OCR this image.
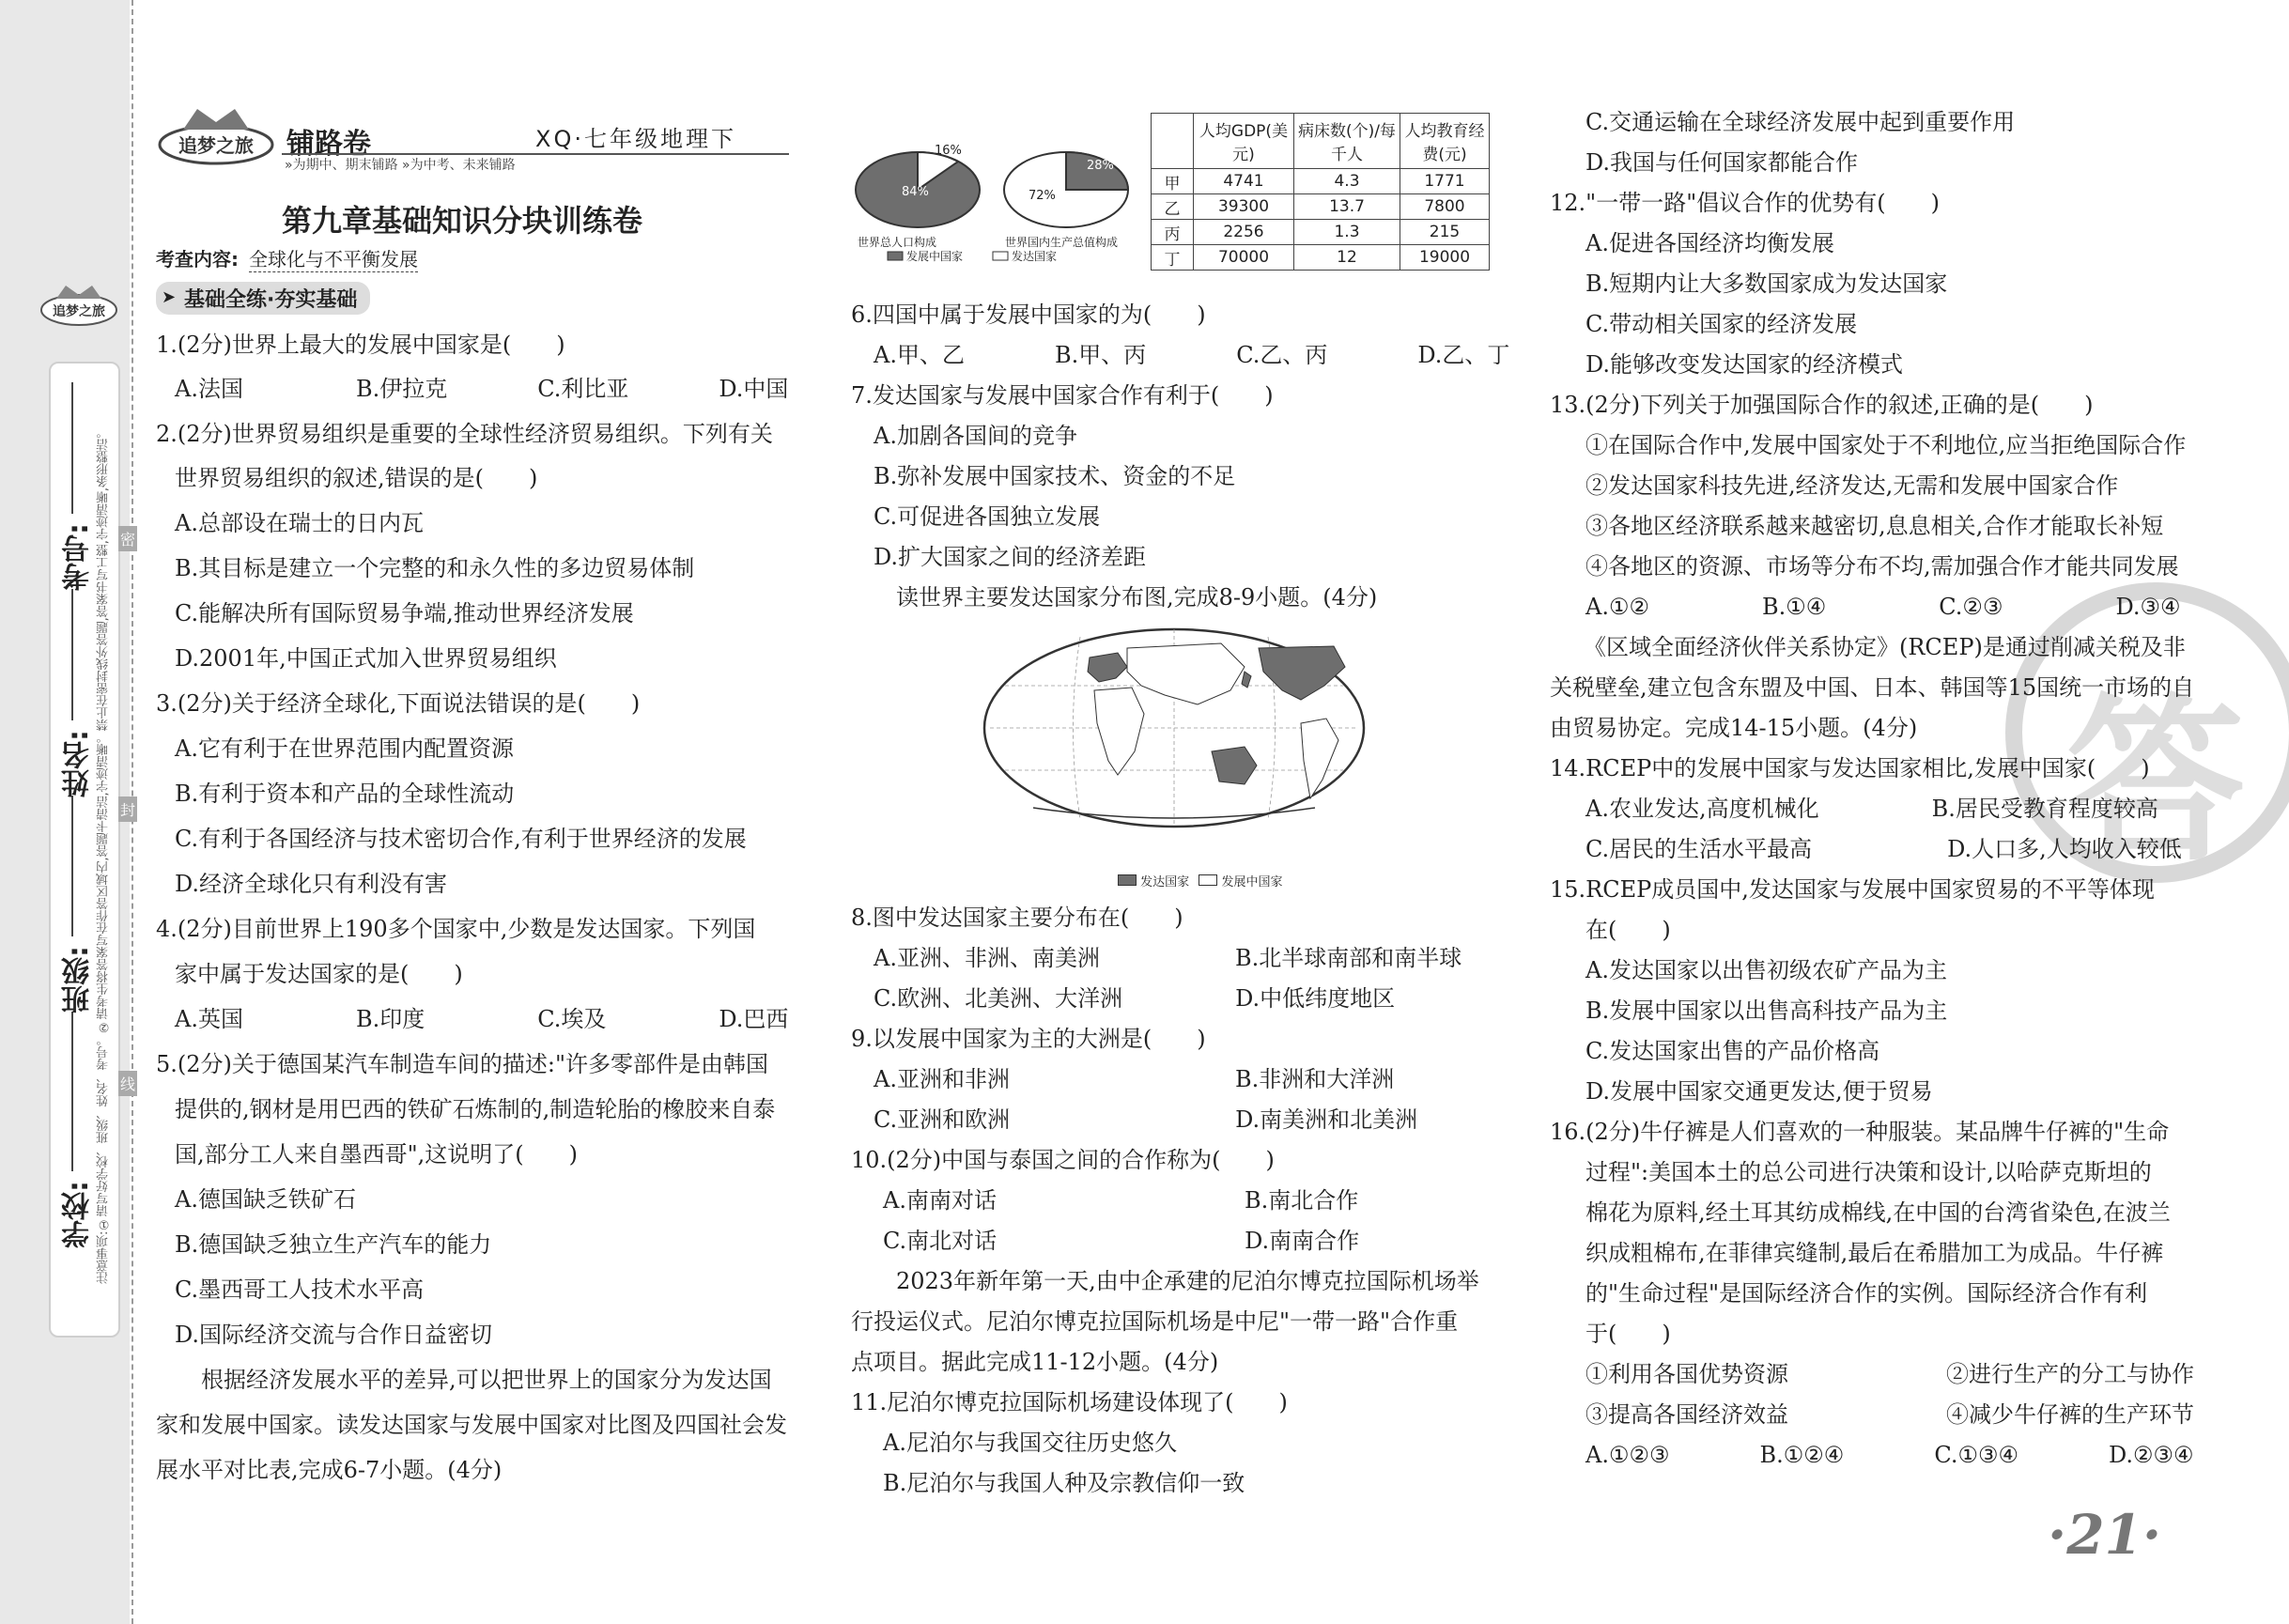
追梦之旅
学校:
班级:
姓名:
考号: 注意事项:①请写好学校、班级、姓名、考号。②请考生将答案写在作答区域内,答题卡清洁,字迹清晰。禁止在密封线外答题,答案书写工整,字迹清晰,条形整洁。 线
封
密
追梦之旅 铺路卷
»为期中、期末铺路 »为中考、未来铺路
XQ·七年级地理下
第九章基础知识分块训练卷
考查内容: 全球化与不平衡发展
基础全练·夯实基础
➤
1.(2分)世界上最大的发展中国家是(　　)
A.法国　　　　　B.伊拉克　　　　C.利比亚　　　　D.中国
2.(2分)世界贸易组织是重要的全球性经济贸易组织。下列有关
世界贸易组织的叙述,错误的是(　　)
A.总部设在瑞士的日内瓦
B.其目标是建立一个完整的和永久性的多边贸易体制
C.能解决所有国际贸易争端,推动世界经济发展
D.2001年,中国正式加入世界贸易组织
3.(2分)关于经济全球化,下面说法错误的是(　　)
A.它有利于在世界范围内配置资源
B.有利于资本和产品的全球性流动
C.有利于各国经济与技术密切合作,有利于世界经济的发展
D.经济全球化只有利没有害
4.(2分)目前世界上190多个国家中,少数是发达国家。下列国
家中属于发达国家的是(　　)
A.英国　　　　　B.印度　　　　　C.埃及　　　　　D.巴西
5.(2分)关于德国某汽车制造车间的描述:"许多零部件是由韩国
提供的,钢材是用巴西的铁矿石炼制的,制造轮胎的橡胶来自泰
国,部分工人来自墨西哥",这说明了(　　)
A.德国缺乏铁矿石
B.德国缺乏独立生产汽车的能力
C.墨西哥工人技术水平高
D.国际经济交流与合作日益密切
　　根据经济发展水平的差异,可以把世界上的国家分为发达国
家和发展中国家。读发达国家与发展中国家对比图及四国社会发
展水平对比表,完成6-7小题。(4分)
16%
84%
28%
72%
世界总人口构成	世界国内生产总值构成
发展中国家	发达国家
	人均GDP(美元)	病床数(个)/每千人	人均教育经费(元)
甲	4741	4.3	1771
乙	39300	13.7	7800
丙	2256	1.3	215
丁	70000	12	19000
6.四国中属于发展中国家的为(　　)
A.甲、乙　　　　B.甲、丙　　　　C.乙、丙　　　　D.乙、丁
7.发达国家与发展中国家合作有利于(　　)
A.加剧各国间的竞争
B.弥补发展中国家技术、资金的不足
C.可促进各国独立发展
D.扩大国家之间的经济差距
　　读世界主要发达国家分布图,完成8-9小题。(4分)
发达国家	发展中国家
8.图中发达国家主要分布在(　　)
A.亚洲、非洲、南美洲　　　　　　B.北半球南部和南半球
C.欧洲、北美洲、大洋洲　　　　　D.中低纬度地区
9.以发展中国家为主的大洲是(　　)
A.亚洲和非洲　　　　　　　　　　B.非洲和大洋洲
C.亚洲和欧洲　　　　　　　　　　D.南美洲和北美洲
10.(2分)中国与泰国之间的合作称为(　　)
A.南南对话　　　　　　　　　　　B.南北合作
C.南北对话　　　　　　　　　　　D.南南合作
　　2023年新年第一天,由中企承建的尼泊尔博克拉国际机场举
行投运仪式。尼泊尔博克拉国际机场是中尼"一带一路"合作重
点项目。据此完成11-12小题。(4分)
11.尼泊尔博克拉国际机场建设体现了(　　)
A.尼泊尔与我国交往历史悠久
B.尼泊尔与我国人种及宗教信仰一致
答
C.交通运输在全球经济发展中起到重要作用
D.我国与任何国家都能合作
12."一带一路"倡议合作的优势有(　　)
A.促进各国经济均衡发展
B.短期内让大多数国家成为发达国家
C.带动相关国家的经济发展
D.能够改变发达国家的经济模式
13.(2分)下列关于加强国际合作的叙述,正确的是(　　)
①在国际合作中,发展中国家处于不利地位,应当拒绝国际合作
②发达国家科技先进,经济发达,无需和发展中国家合作
③各地区经济联系越来越密切,息息相关,合作才能取长补短
④各地区的资源、市场等分布不均,需加强合作才能共同发展
A.①②　　　　　B.①④　　　　　C.②③　　　　　D.③④
　　《区域全面经济伙伴关系协定》(RCEP)是通过削减关税及非
关税壁垒,建立包含东盟及中国、日本、韩国等15国统一市场的自
由贸易协定。完成14-15小题。(4分)
14.RCEP中的发展中国家与发达国家相比,发展中国家(　　)
A.农业发达,高度机械化　　　　　B.居民受教育程度较高
C.居民的生活水平最高　　　　　　D.人口多,人均收入较低
15.RCEP成员国中,发达国家与发展中国家贸易的不平等体现
在(　　)
A.发达国家以出售初级农矿产品为主
B.发展中国家以出售高科技产品为主
C.发达国家出售的产品价格高
D.发展中国家交通更发达,便于贸易
16.(2分)牛仔裤是人们喜欢的一种服装。某品牌牛仔裤的"生命
过程":美国本土的总公司进行决策和设计,以哈萨克斯坦的
棉花为原料,经土耳其纺成棉线,在中国的台湾省染色,在波兰
织成粗棉布,在菲律宾缝制,最后在希腊加工为成品。牛仔裤
的"生命过程"是国际经济合作的实例。国际经济合作有利
于(　　)
①利用各国优势资源　　　　　　　②进行生产的分工与协作
③提高各国经济效益　　　　　　　④减少牛仔裤的生产环节
A.①②③　　　　B.①②④　　　　C.①③④　　　　D.②③④
·21·
